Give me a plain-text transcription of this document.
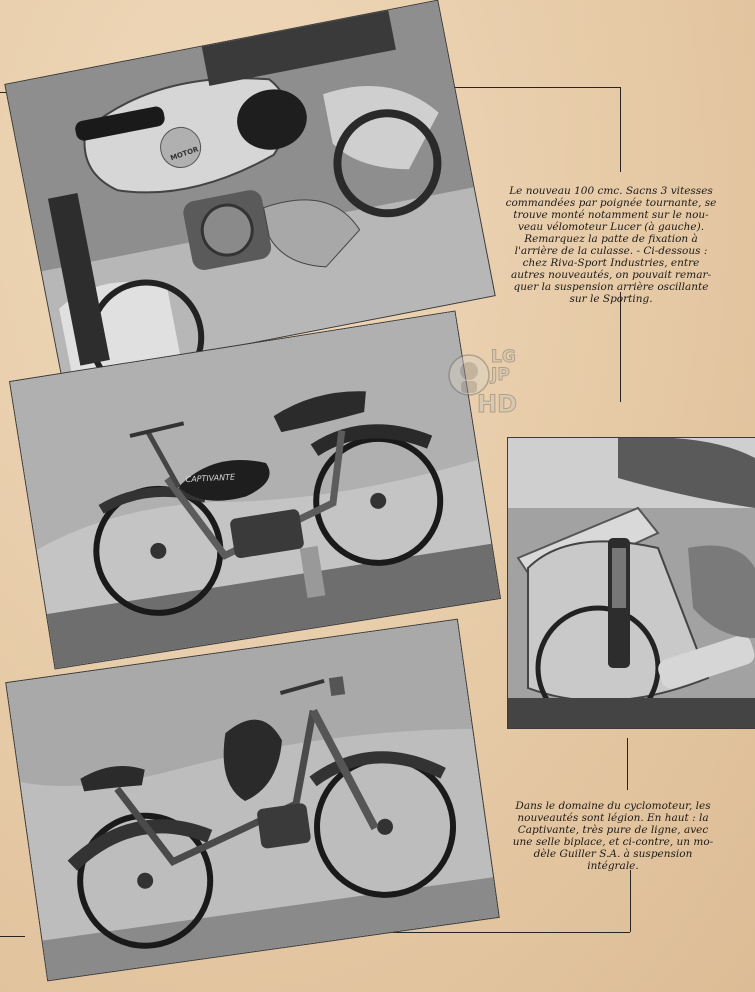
MOTOR
CAPTIVANTE
Le nouveau 100 cmc. Sacns 3 vitesses
commandées par poignée tournante, se
trouve monté notamment sur le nou-
veau vélomoteur Lucer (à gauche).
Remarquez la patte de fixation à
l'arrière de la culasse. - Ci-dessous :
chez Riva-Sport Industries, entre
autres nouveautés, on pouvait remar-
quer la suspension arrière oscillante
sur le Sporting.
Dans le domaine du cyclomoteur, les
nouveautés sont légion. En haut : la
Captivante, très pure de ligne, avec
une selle biplace, et ci-contre, un mo-
dèle Guiller S.A. à suspension
intégrale.
LG
JP
HD
